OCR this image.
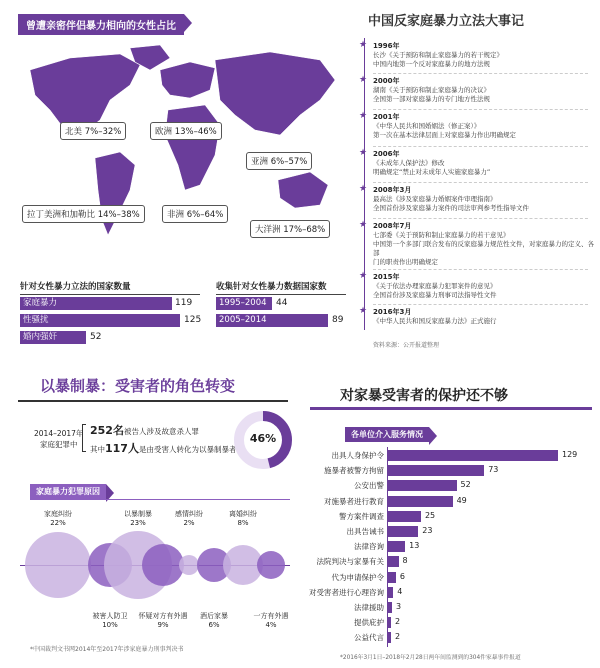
曾遭亲密伴侣暴力相向的女性占比
北美 7%–32%	欧洲 13%–46%
亚洲 6%–57%
拉丁美洲和加勒比 14%–38%	非洲 6%–64%
大洋洲 17%–68%
针对女性暴力立法的国家数量
家庭暴力	119
性骚扰	125
婚内强奸	52
收集针对女性暴力数据国家数
1995–2004	44
2005–2014	89
中国反家庭暴力立法大事记
★ 1996年
长沙《关于预防和制止家庭暴力的若干规定》
中国内地第一个反对家庭暴力的地方法规
★ 2000年
湖南《关于预防和制止家庭暴力的决议》
全国第一部对家庭暴力的专门地方性法规
★ 2001年
《中华人民共和国婚姻法（修正案）》
第一次在基本法律层面上对家庭暴力作出明确规定
★ 2006年
《未成年人保护法》修改
明确规定“禁止对未成年人实施家庭暴力”
★ 2008年3月
最高法《涉及家庭暴力婚姻案件审理指南》
全国首份涉及家庭暴力案件的司法审判参考性指导文件
★ 2008年7月
七部委《关于预防和制止家庭暴力的若干意见》
中国第一个多部门联合发布的反家庭暴力规范性文件，对家庭暴力的定义、各部
门的职责作出明确规定
★ 2015年
《关于依法办理家庭暴力犯罪案件的意见》
全国首份涉及家庭暴力刑事司法指导性文件
★ 2016年3月
《中华人民共和国反家庭暴力法》正式施行
资料来源：公开报道整理
以暴制暴：受害者的角色转变
2014–2017年
家庭犯罪中
252名被告人涉及故意杀人罪
其中117人是由受害人转化为以暴制暴者
46%
家庭暴力犯罪原因
家庭纠纷
22%
被害人防卫
10%
以暴制暴
23%
怀疑对方有外遇
9%
感情纠纷
2%
酒后家暴
6%
离婚纠纷
8%
一方有外遇
4%
*中国裁判文书网2014年至2017年涉家庭暴力刑事判决书
对家暴受害者的保护还不够
各单位介入服务情况
出具人身保护令	129
施暴者被警方拘留	73
公安出警	52
对施暴者进行教育	49
警方案件调查	25
出具告诫书	23
法律咨询	13
法院判决与家暴有关 8
代为申请保护令 6
对受害者进行心理咨询 4
法律援助 3
提供庇护 2
公益代言 2
*2016年3月1日–2018年2月28日两年间监测到的304件家暴事件报道
